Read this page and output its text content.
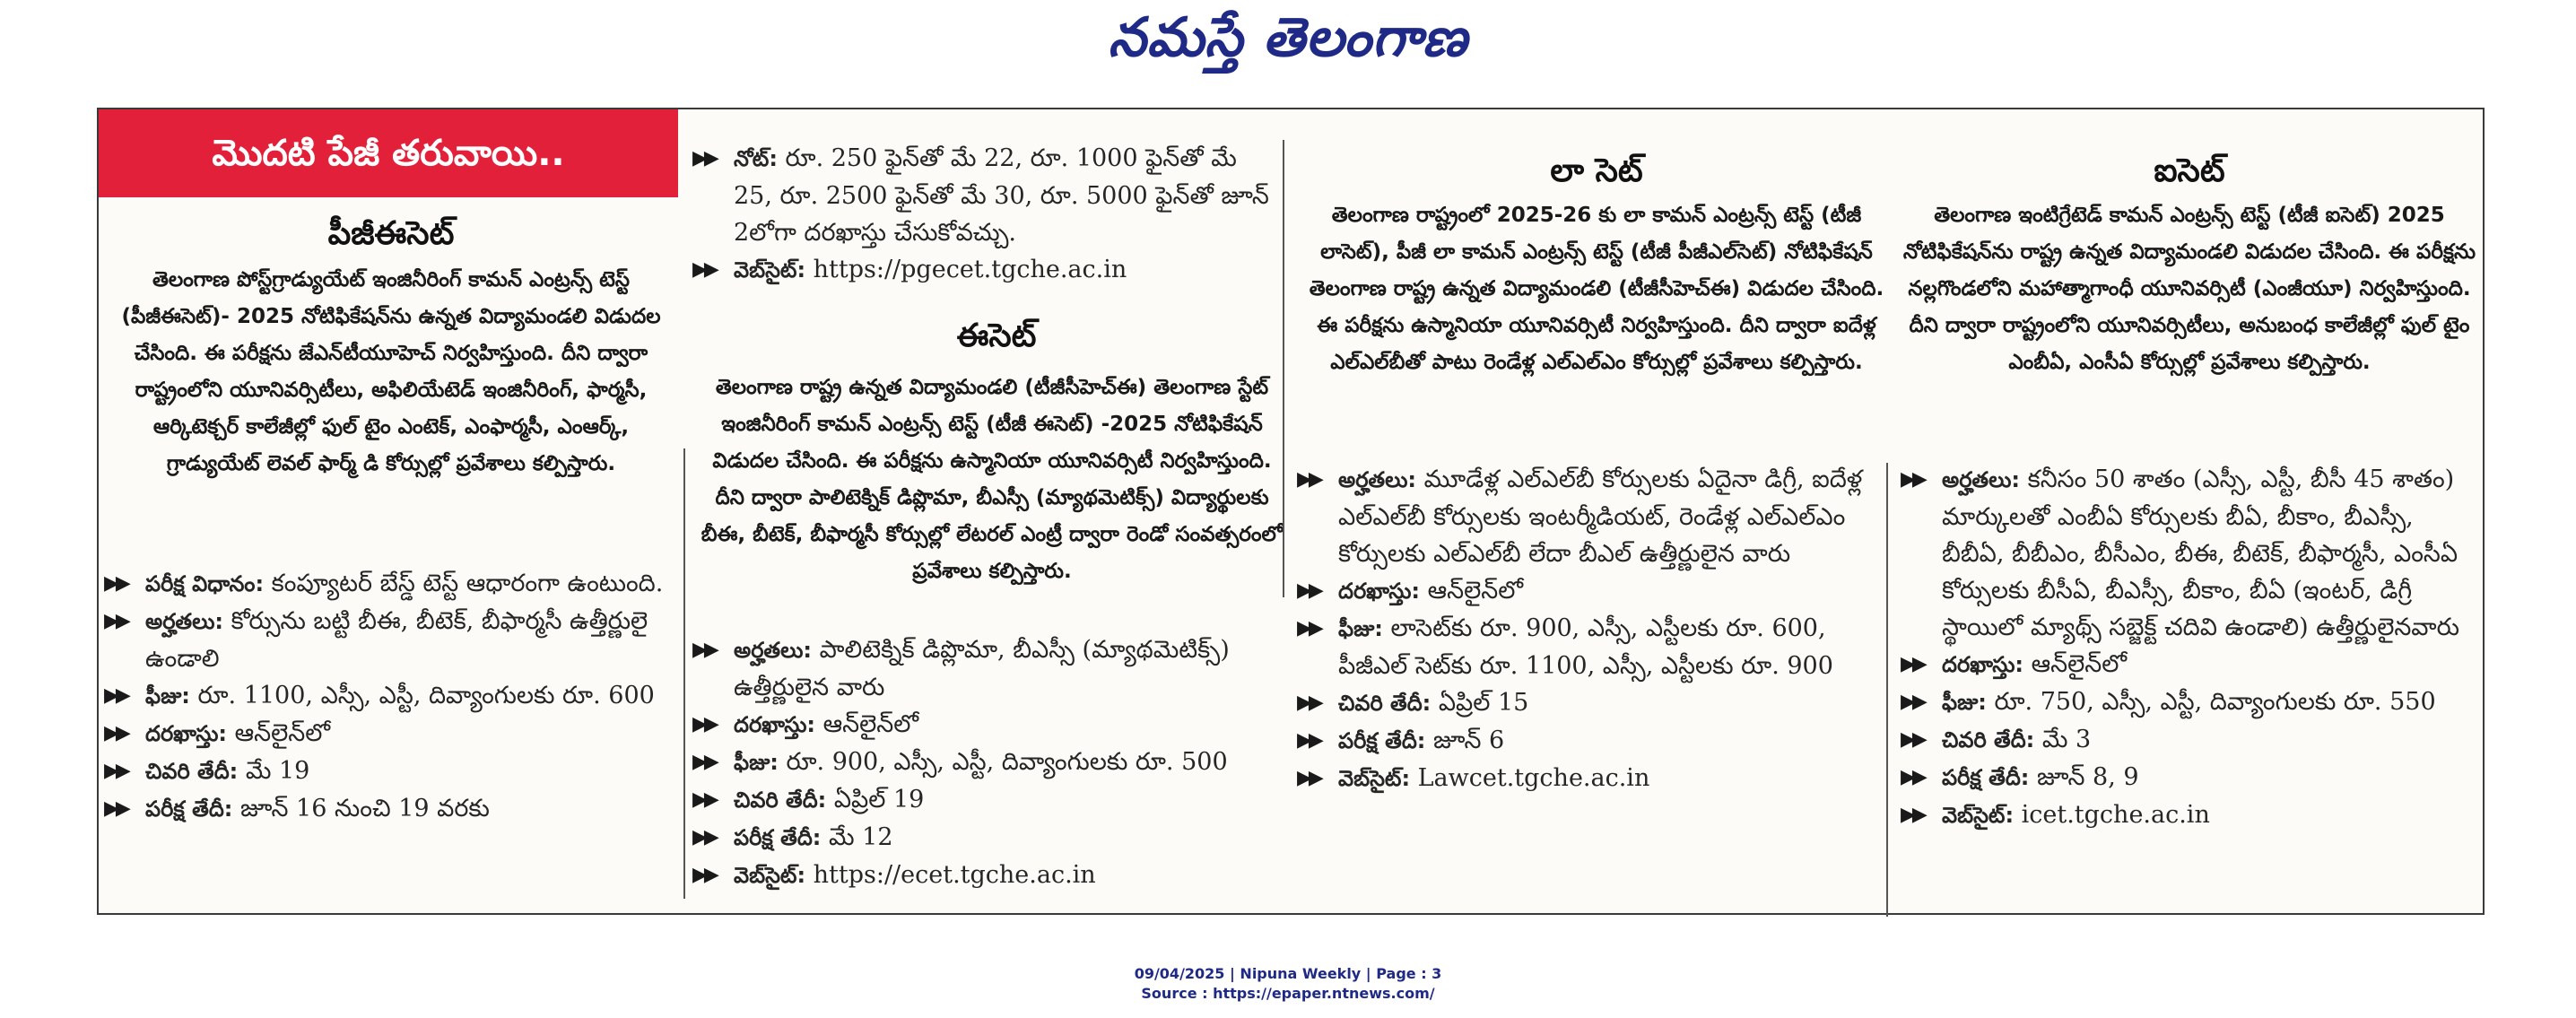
నమస్తే తెలంగాణ
మొదటి పేజీ తరువాయి..
పీజీఈసెట్
తెలంగాణ పోస్ట్‌గ్రాడ్యుయేట్ ఇంజినీరింగ్ కామన్ ఎంట్రన్స్ టెస్ట్ (పీజీఈసెట్)- 2025 నోటిఫికేషన్‌ను ఉన్నత విద్యామండలి విడుదల చేసింది. ఈ పరీక్షను జేఎన్‌టీయూహెచ్ నిర్వహిస్తుంది. దీని ద్వారా రాష్ట్రంలోని యూనివర్సిటీలు, అఫిలియేటెడ్ ఇంజినీరింగ్, ఫార్మసీ, ఆర్కిటెక్చర్ కాలేజీల్లో ఫుల్ టైం ఎంటెక్, ఎంఫార్మసీ, ఎంఆర్క్, గ్రాడ్యుయేట్ లెవల్ ఫార్మ్ డి కోర్సుల్లో ప్రవేశాలు కల్పిస్తారు.
▶▶ పరీక్ష విధానం: కంప్యూటర్ బేస్డ్ టెస్ట్ ఆధారంగా ఉంటుంది.
▶▶ అర్హతలు: కోర్సును బట్టి బీఈ, బీటెక్, బీఫార్మసీ ఉత్తీర్ణులై ఉండాలి
▶▶ ఫీజు: రూ. 1100, ఎస్సీ, ఎస్టీ, దివ్యాంగులకు రూ. 600
▶▶ దరఖాస్తు: ఆన్‌లైన్‌లో
▶▶ చివరి తేదీ: మే 19
▶▶ పరీక్ష తేదీ: జూన్ 16 నుంచి 19 వరకు
▶▶ నోట్: రూ. 250 ఫైన్‌తో మే 22, రూ. 1000 ఫైన్‌తో మే 25, రూ. 2500 ఫైన్‌తో మే 30, రూ. 5000 ఫైన్‌తో జూన్ 2లోగా దరఖాస్తు చేసుకోవచ్చు.
▶▶ వెబ్‌సైట్: https://pgecet.tgche.ac.in
ఈసెట్
తెలంగాణ రాష్ట్ర ఉన్నత విద్యామండలి (టీజీసీహెచ్ఈ) తెలంగాణ స్టేట్ ఇంజినీరింగ్ కామన్ ఎంట్రన్స్ టెస్ట్ (టీజీ ఈసెట్) -2025 నోటిఫికేషన్ విడుదల చేసింది. ఈ పరీక్షను ఉస్మానియా యూనివర్సిటీ నిర్వహిస్తుంది. దీని ద్వారా పాలిటెక్నిక్ డిప్లొమా, బీఎస్సీ (మ్యాథమెటిక్స్) విద్యార్థులకు బీఈ, బీటెక్, బీఫార్మసీ కోర్సుల్లో లేటరల్ ఎంట్రీ ద్వారా రెండో సంవత్సరంలో ప్రవేశాలు కల్పిస్తారు.
▶▶ అర్హతలు: పాలిటెక్నిక్ డిప్లొమా, బీఎస్సీ (మ్యాథమెటిక్స్) ఉత్తీర్ణులైన వారు
▶▶ దరఖాస్తు: ఆన్‌లైన్‌లో
▶▶ ఫీజు: రూ. 900, ఎస్సీ, ఎస్టీ, దివ్యాంగులకు రూ. 500
▶▶ చివరి తేదీ: ఏప్రిల్ 19
▶▶ పరీక్ష తేదీ: మే 12
▶▶ వెబ్‌సైట్: https://ecet.tgche.ac.in
లా సెట్
తెలంగాణ రాష్ట్రంలో 2025-26 కు లా కామన్ ఎంట్రన్స్ టెస్ట్ (టీజీ లాసెట్), పీజీ లా కామన్ ఎంట్రన్స్ టెస్ట్ (టీజీ పీజీఎల్‌సెట్) నోటిఫికేషన్ తెలంగాణ రాష్ట్ర ఉన్నత విద్యామండలి (టీజీసీహెచ్ఈ) విడుదల చేసింది. ఈ పరీక్షను ఉస్మానియా యూనివర్సిటీ నిర్వహిస్తుంది. దీని ద్వారా ఐదేళ్ల ఎల్ఎల్‌బీతో పాటు రెండేళ్ల ఎల్ఎల్ఎం కోర్సుల్లో ప్రవేశాలు కల్పిస్తారు.
▶▶ అర్హతలు: మూడేళ్ల ఎల్ఎల్‌బీ కోర్సులకు ఏదైనా డిగ్రీ, ఐదేళ్ల ఎల్ఎల్‌బీ కోర్సులకు ఇంటర్మీడియట్, రెండేళ్ల ఎల్ఎల్ఎం కోర్సులకు ఎల్ఎల్‌బీ లేదా బీఎల్ ఉత్తీర్ణులైన వారు
▶▶ దరఖాస్తు: ఆన్‌లైన్‌లో
▶▶ ఫీజు: లాసెట్‌కు రూ. 900, ఎస్సీ, ఎస్టీలకు రూ. 600, పీజీఎల్ సెట్‌కు రూ. 1100, ఎస్సీ, ఎస్టీలకు రూ. 900
▶▶ చివరి తేదీ: ఏప్రిల్ 15
▶▶ పరీక్ష తేదీ: జూన్ 6
▶▶ వెబ్‌సైట్: Lawcet.tgche.ac.in
ఐసెట్
తెలంగాణ ఇంటిగ్రేటెడ్ కామన్ ఎంట్రన్స్ టెస్ట్ (టీజీ ఐసెట్) 2025 నోటిఫికేషన్‌ను రాష్ట్ర ఉన్నత విద్యామండలి విడుదల చేసింది. ఈ పరీక్షను నల్లగొండలోని మహాత్మాగాంధీ యూనివర్సిటీ (ఎంజీయూ) నిర్వహిస్తుంది. దీని ద్వారా రాష్ట్రంలోని యూనివర్సిటీలు, అనుబంధ కాలేజీల్లో ఫుల్ టైం ఎంబీఏ, ఎంసీఏ కోర్సుల్లో ప్రవేశాలు కల్పిస్తారు.
▶▶ అర్హతలు: కనీసం 50 శాతం (ఎస్సీ, ఎస్టీ, బీసీ 45 శాతం) మార్కులతో ఎంబీఏ కోర్సులకు బీఏ, బీకాం, బీఎస్సీ, బీబీఏ, బీబీఎం, బీసీఎం, బీఈ, బీటెక్, బీఫార్మసీ, ఎంసీఏ కోర్సులకు బీసీఏ, బీఎస్సీ, బీకాం, బీఏ (ఇంటర్, డిగ్రీ స్థాయిలో మ్యాథ్స్ సబ్జెక్ట్ చదివి ఉండాలి) ఉత్తీర్ణులైనవారు
▶▶ దరఖాస్తు: ఆన్‌లైన్‌లో
▶▶ ఫీజు: రూ. 750, ఎస్సీ, ఎస్టీ, దివ్యాంగులకు రూ. 550
▶▶ చివరి తేదీ: మే 3
▶▶ పరీక్ష తేదీ: జూన్ 8, 9
▶▶ వెబ్‌సైట్: icet.tgche.ac.in
09/04/2025 | Nipuna Weekly | Page : 3
Source : https://epaper.ntnews.com/
